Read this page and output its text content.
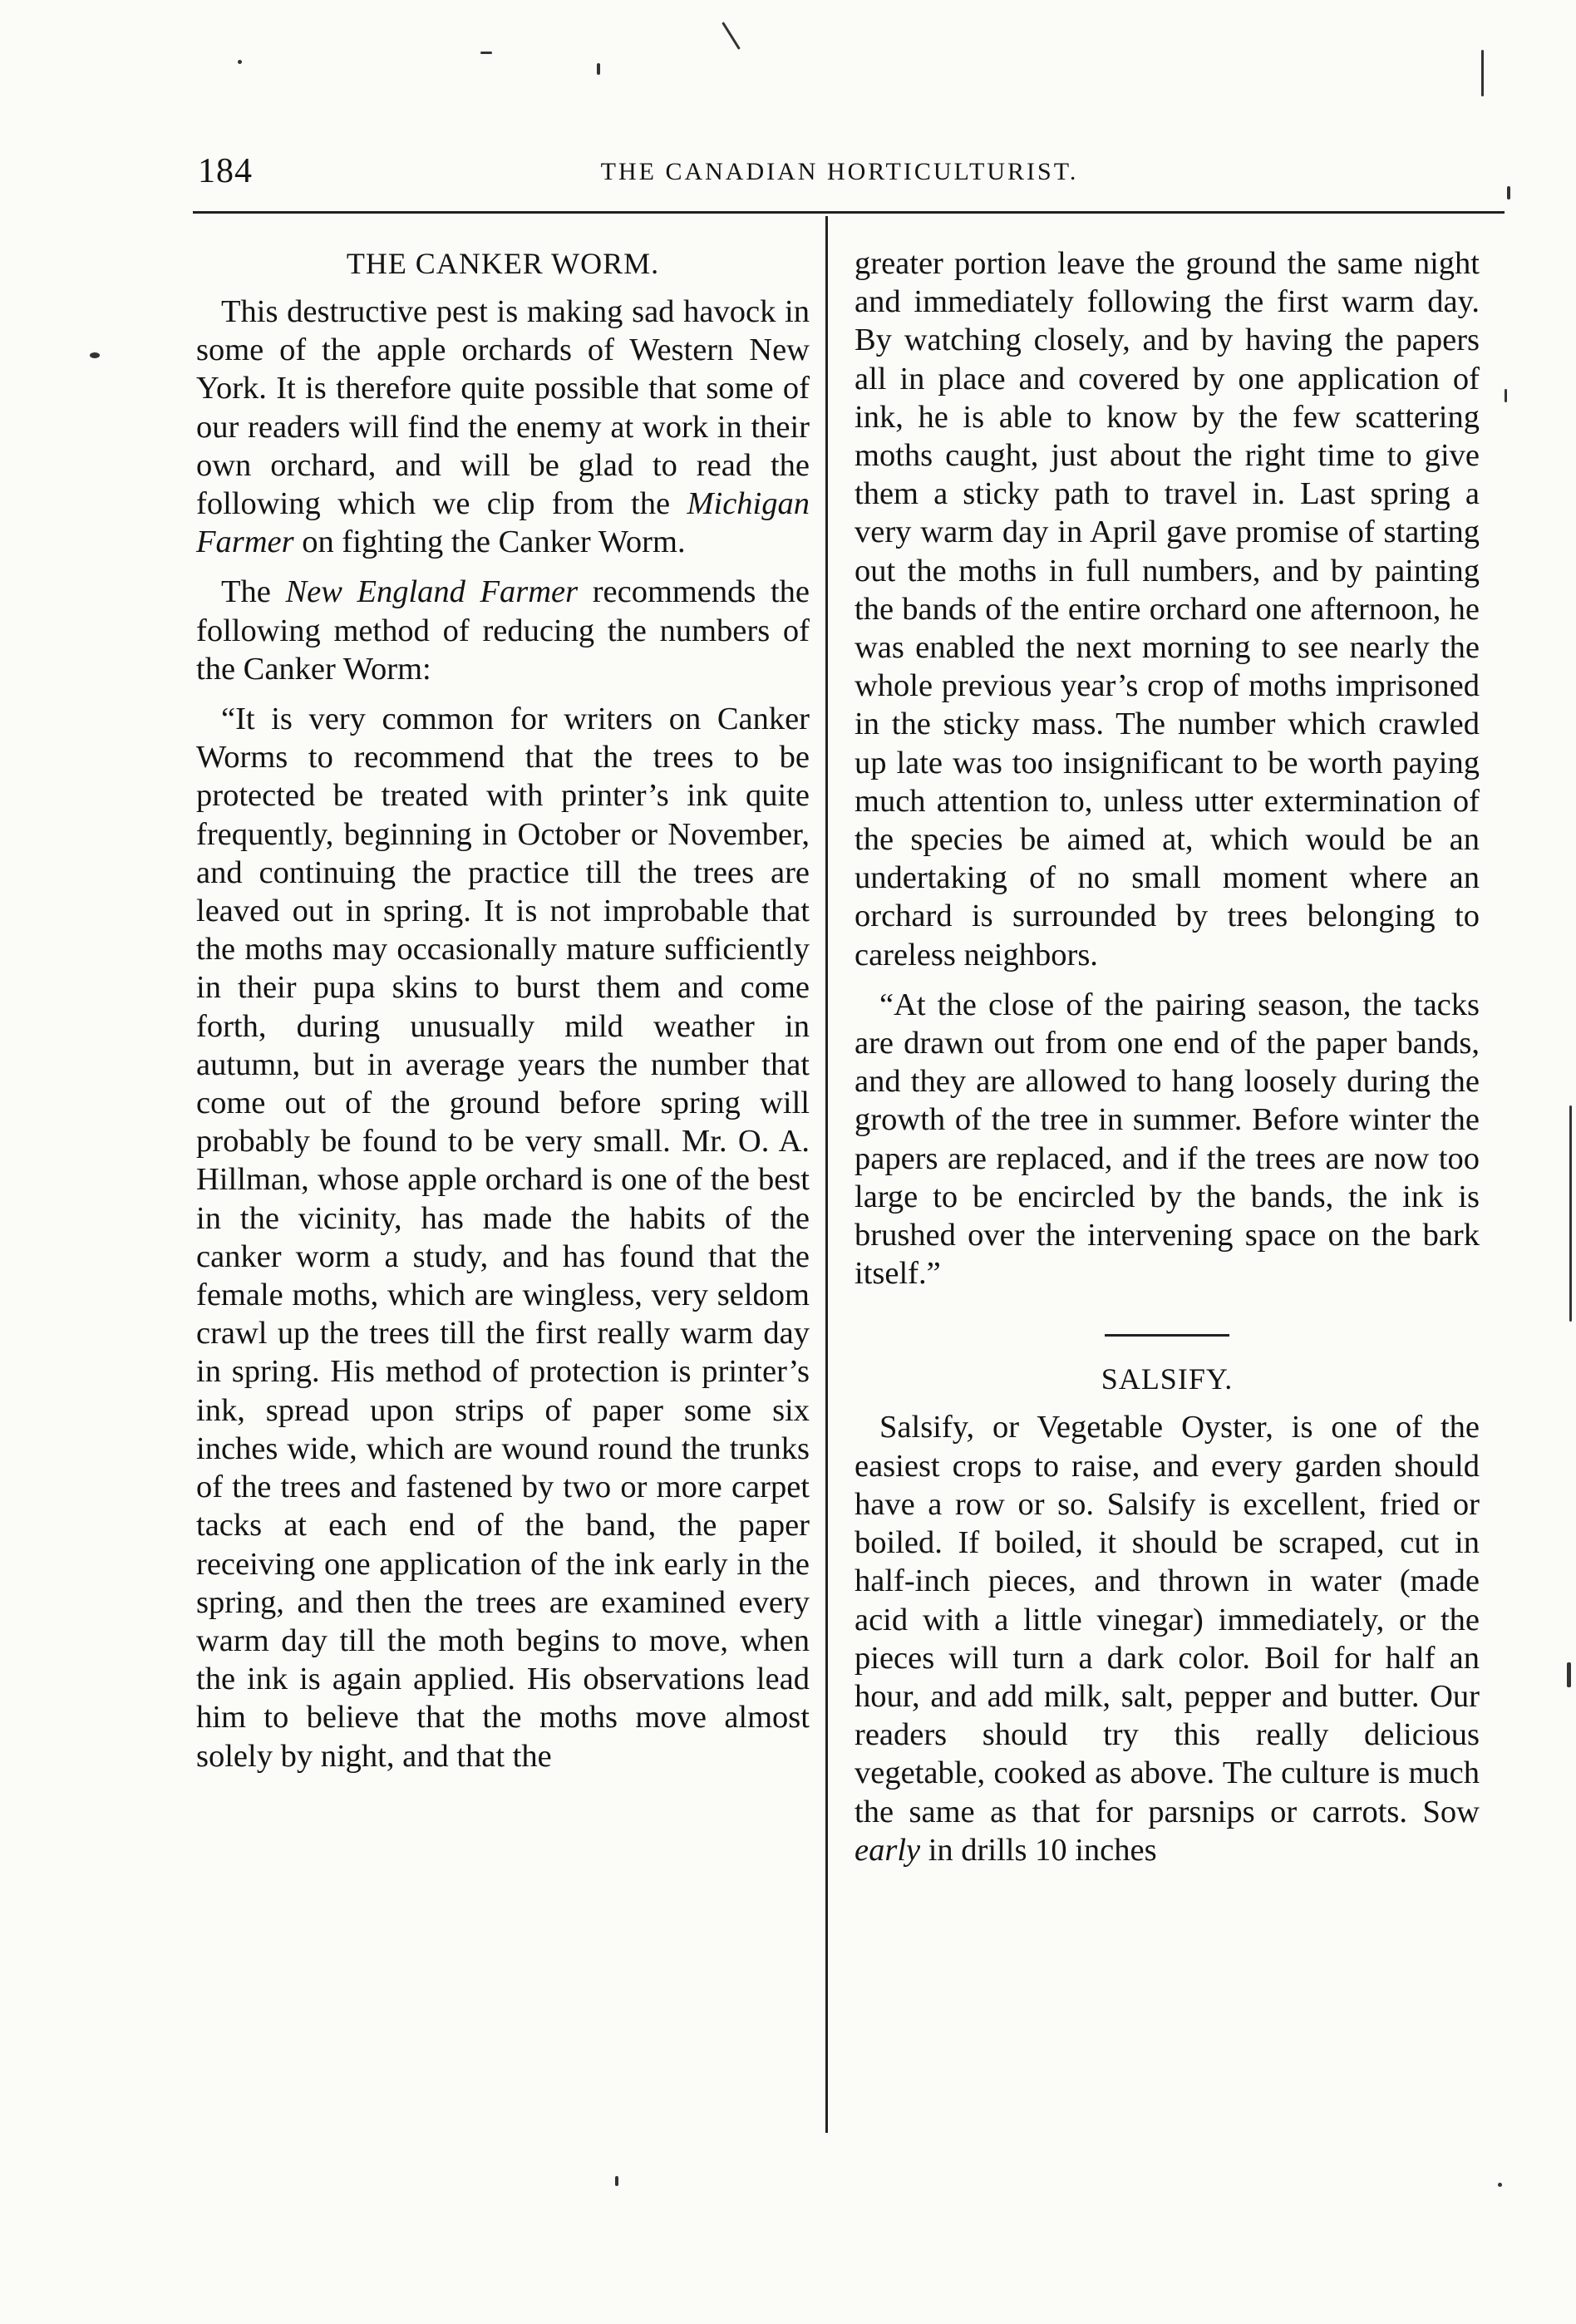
184	THE CANADIAN HORTICULTURIST.
THE CANKER WORM.

This destructive pest is making sad havock in some of the apple orchards of Western New York. It is therefore quite possible that some of our readers will find the enemy at work in their own orchard, and will be glad to read the following which we clip from the Michigan Farmer on fighting the Canker Worm.

The New England Farmer recommends the following method of reducing the numbers of the Canker Worm:

“It is very common for writers on Canker Worms to recommend that the trees to be protected be treated with printer’s ink quite frequently, beginning in October or November, and continuing the practice till the trees are leaved out in spring. It is not improbable that the moths may occasionally mature sufficiently in their pupa skins to burst them and come forth, during unusually mild weather in autumn, but in average years the number that come out of the ground before spring will probably be found to be very small. Mr. O. A. Hillman, whose apple orchard is one of the best in the vicinity, has made the habits of the canker worm a study, and has found that the female moths, which are wingless, very seldom crawl up the trees till the first really warm day in spring. His method of protection is printer’s ink, spread upon strips of paper some six inches wide, which are wound round the trunks of the trees and fastened by two or more carpet tacks at each end of the band, the paper receiving one application of the ink early in the spring, and then the trees are examined every warm day till the moth begins to move, when the ink is again applied. His observations lead him to believe that the moths move almost solely by night, and that the

greater portion leave the ground the same night and immediately following the first warm day. By watching closely, and by having the papers all in place and covered by one application of ink, he is able to know by the few scattering moths caught, just about the right time to give them a sticky path to travel in. Last spring a very warm day in April gave promise of starting out the moths in full numbers, and by painting the bands of the entire orchard one afternoon, he was enabled the next morning to see nearly the whole previous year’s crop of moths imprisoned in the sticky mass. The number which crawled up late was too insignificant to be worth paying much attention to, unless utter extermination of the species be aimed at, which would be an undertaking of no small moment where an orchard is surrounded by trees belonging to careless neighbors.

“At the close of the pairing season, the tacks are drawn out from one end of the paper bands, and they are allowed to hang loosely during the growth of the tree in summer. Before winter the papers are replaced, and if the trees are now too large to be encircled by the bands, the ink is brushed over the intervening space on the bark itself.”

SALSIFY.

Salsify, or Vegetable Oyster, is one of the easiest crops to raise, and every garden should have a row or so. Salsify is excellent, fried or boiled. If boiled, it should be scraped, cut in half-inch pieces, and thrown in water (made acid with a little vinegar) immediately, or the pieces will turn a dark color. Boil for half an hour, and add milk, salt, pepper and butter. Our readers should try this really delicious vegetable, cooked as above. The culture is much the same as that for parsnips or carrots. Sow early in drills 10 inches
